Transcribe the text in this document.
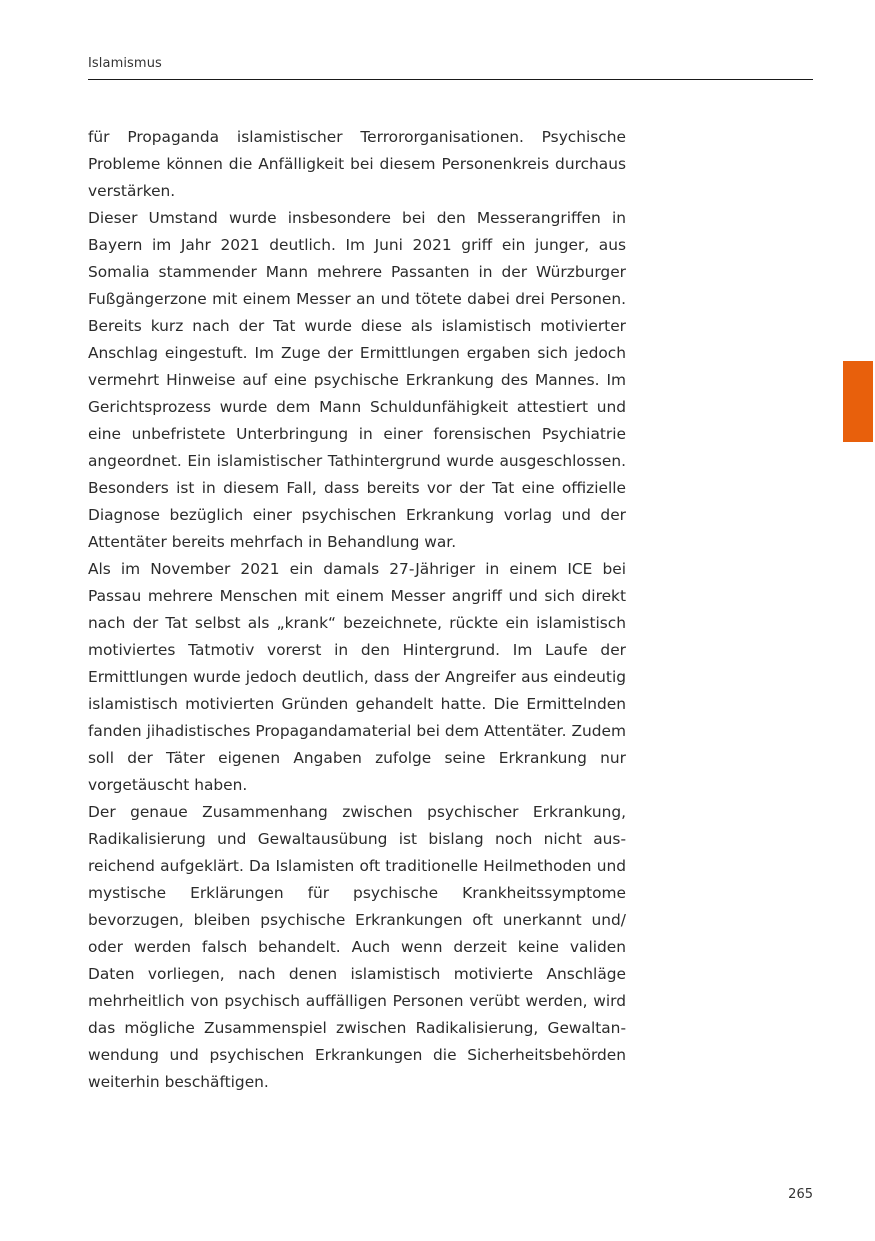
Islamismus

für Propaganda islamistischer Terrororganisationen. Psychische Probleme können die Anfälligkeit bei diesem Personenkreis durchaus verstärken.

Dieser Umstand wurde insbesondere bei den Messerangriffen in Bayern im Jahr 2021 deutlich. Im Juni 2021 griff ein junger, aus Somalia stammender Mann mehrere Passanten in der Würzburger Fußgängerzone mit einem Messer an und tötete dabei drei Personen. Bereits kurz nach der Tat wurde diese als islamistisch motivierter Anschlag eingestuft. Im Zuge der Ermittlungen ergaben sich jedoch vermehrt Hinweise auf eine psychische Erkrankung des Mannes. Im Gerichtsprozess wurde dem Mann Schuldunfähigkeit attestiert und eine unbefristete Unterbringung in einer forensischen Psychiatrie angeordnet. Ein islamistischer Tathintergrund wurde ausgeschlossen. Besonders ist in diesem Fall, dass bereits vor der Tat eine offizielle Diagnose bezüglich einer psychischen Erkrankung vorlag und der Attentäter bereits mehrfach in Behandlung war.

Als im November 2021 ein damals 27-Jähriger in einem ICE bei Passau mehrere Menschen mit einem Messer angriff und sich direkt nach der Tat selbst als „krank“ bezeichnete, rückte ein islamistisch motiviertes Tatmotiv vorerst in den Hintergrund. Im Laufe der Ermittlungen wurde jedoch deutlich, dass der Angreifer aus eindeutig islamistisch motivierten Gründen gehandelt hatte. Die Ermittelnden fanden jihadistisches Propagandamaterial bei dem Attentäter. Zudem soll der Täter eigenen Angaben zufolge seine Erkrankung nur vorgetäuscht haben.

Der genaue Zusammenhang zwischen psychischer Erkrankung, Radikalisierung und Gewaltausübung ist bislang noch nicht ausreichend aufgeklärt. Da Islamisten oft traditionelle Heilmethoden und mystische Erklärungen für psychische Krankheitssymptome bevorzugen, bleiben psychische Erkrankungen oft unerkannt und/​oder werden falsch behandelt. Auch wenn derzeit keine validen Daten vorliegen, nach denen islamistisch motivierte Anschläge mehrheitlich von psychisch auffälligen Personen verübt werden, wird das mögliche Zusammenspiel zwischen Radikalisierung, Gewaltanwendung und psychischen Erkrankungen die Sicherheitsbehörden weiterhin beschäftigen.

265
